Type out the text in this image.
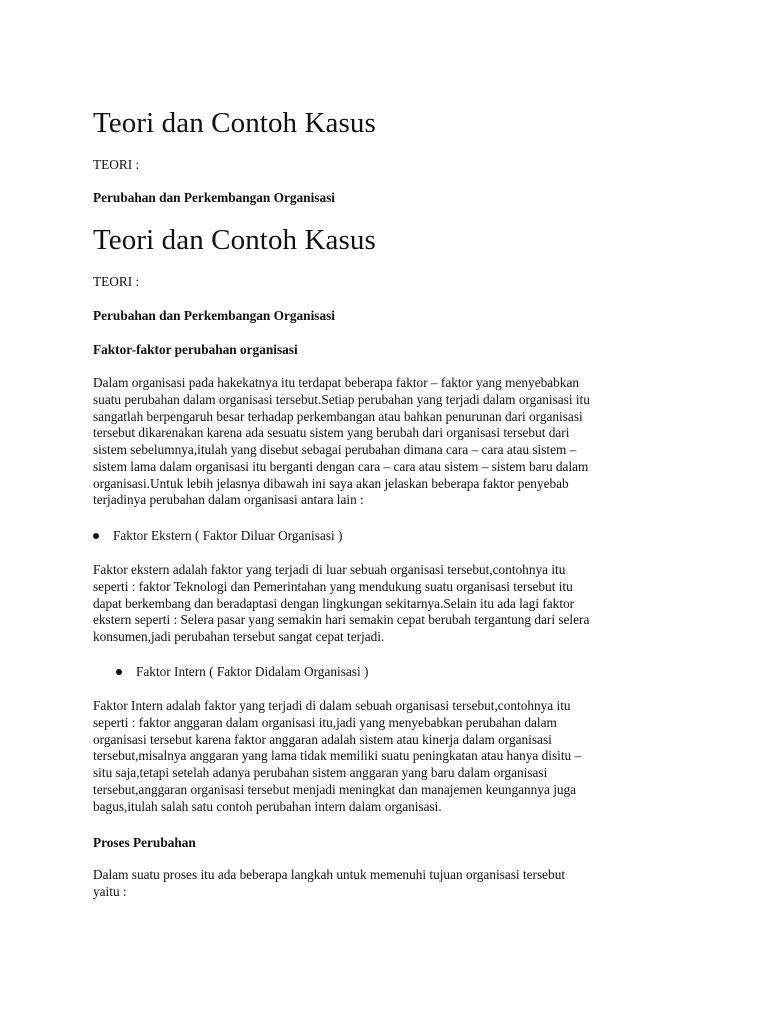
Teori dan Contoh Kasus
TEORI :
Perubahan dan Perkembangan Organisasi
Teori dan Contoh Kasus
TEORI :
Perubahan dan Perkembangan Organisasi
Faktor-faktor perubahan organisasi
Dalam organisasi pada hakekatnya itu terdapat beberapa faktor – faktor yang menyebabkan
suatu perubahan dalam organisasi tersebut.Setiap perubahan yang terjadi dalam organisasi itu
sangatlah berpengaruh besar terhadap perkembangan atau bahkan penurunan dari organisasi
tersebut dikarenakan karena ada sesuatu sistem yang berubah dari organisasi tersebut dari
sistem sebelumnya,itulah yang disebut sebagai perubahan dimana cara – cara atau sistem –
sistem lama dalam organisasi itu berganti dengan cara – cara atau sistem – sistem baru dalam
organisasi.Untuk lebih jelasnya dibawah ini saya akan jelaskan beberapa faktor penyebab
terjadinya perubahan dalam organisasi antara lain :
Faktor Ekstern ( Faktor Diluar Organisasi )
Faktor ekstern adalah faktor yang terjadi di luar sebuah organisasi tersebut,contohnya itu
seperti : faktor Teknologi dan Pemerintahan yang mendukung suatu organisasi tersebut itu
dapat berkembang dan beradaptasi dengan lingkungan sekitarnya.Selain itu ada lagi faktor
ekstern seperti : Selera pasar yang semakin hari semakin cepat berubah tergantung dari selera
konsumen,jadi perubahan tersebut sangat cepat terjadi.
Faktor Intern ( Faktor Didalam Organisasi )
Faktor Intern adalah faktor yang terjadi di dalam sebuah organisasi tersebut,contohnya itu
seperti : faktor anggaran dalam organisasi itu,jadi yang menyebabkan perubahan dalam
organisasi tersebut karena faktor anggaran adalah sistem atau kinerja dalam organisasi
tersebut,misalnya anggaran yang lama tidak memiliki suatu peningkatan atau hanya disitu –
situ saja,tetapi setelah adanya perubahan sistem anggaran yang baru dalam organisasi
tersebut,anggaran organisasi tersebut menjadi meningkat dan manajemen keungannya juga
bagus,itulah salah satu contoh perubahan intern dalam organisasi.
Proses Perubahan
Dalam suatu proses itu ada beberapa langkah untuk memenuhi tujuan organisasi tersebut
yaitu :
